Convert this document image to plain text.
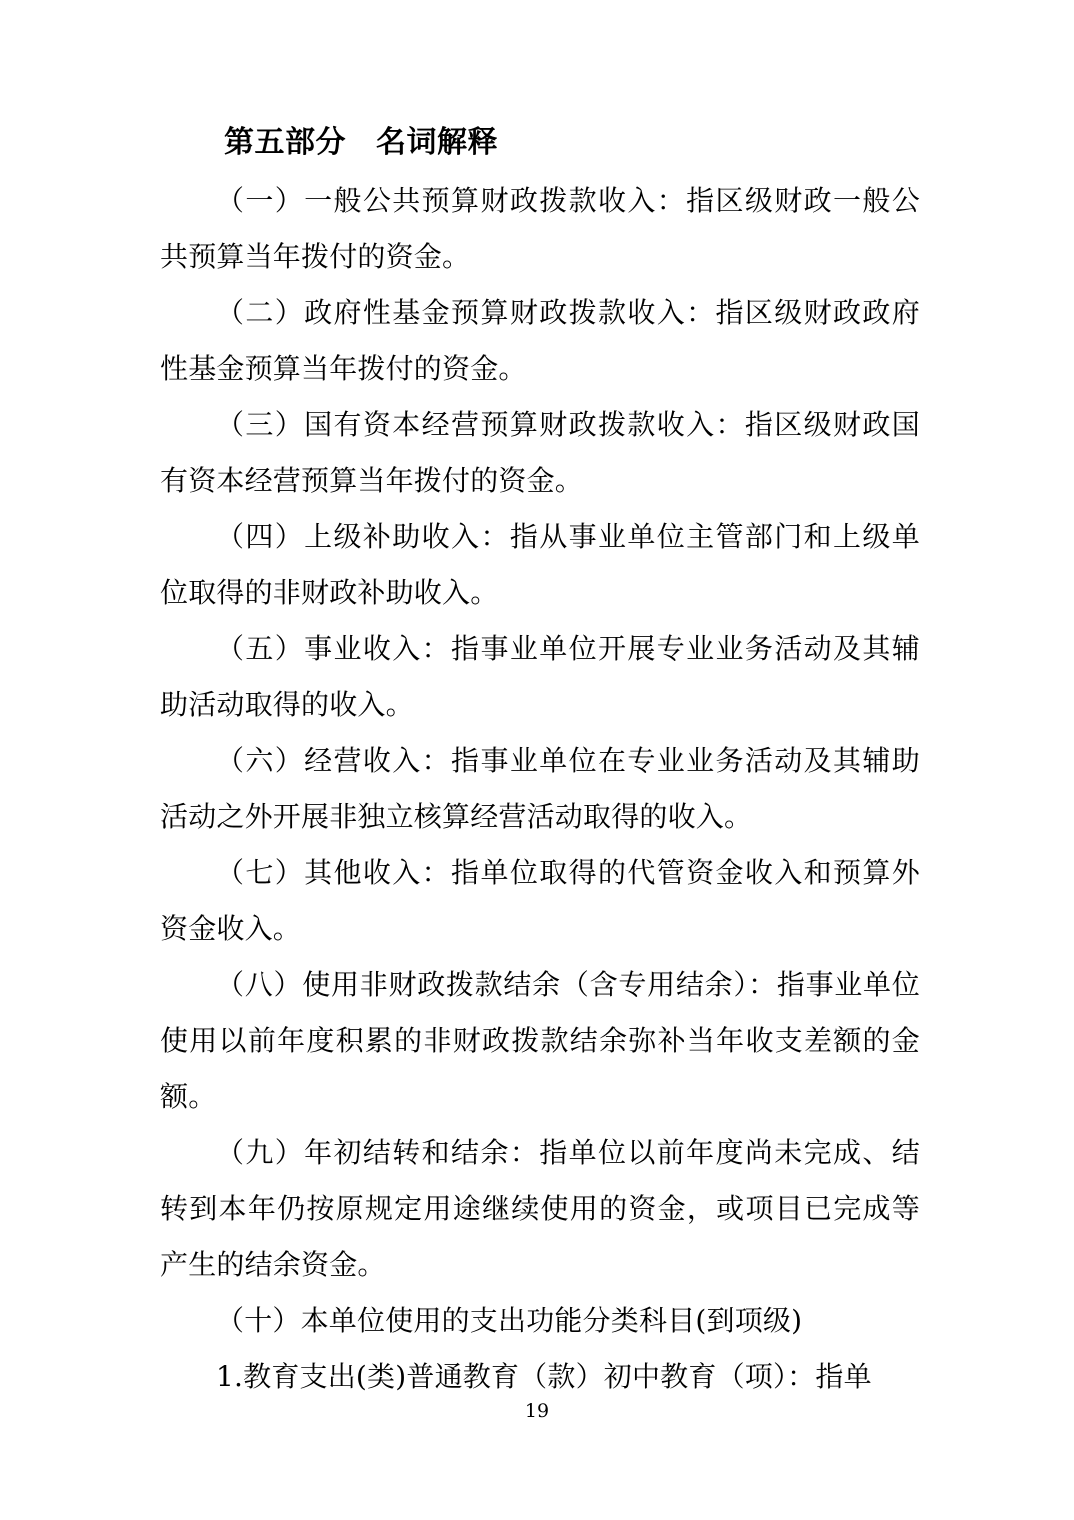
第五部分 名词解释

（一）一般公共预算财政拨款收入：指区级财政一般公共预算当年拨付的资金。

（二）政府性基金预算财政拨款收入：指区级财政政府性基金预算当年拨付的资金。

（三）国有资本经营预算财政拨款收入：指区级财政国有资本经营预算当年拨付的资金。

（四）上级补助收入：指从事业单位主管部门和上级单位取得的非财政补助收入。

（五）事业收入：指事业单位开展专业业务活动及其辅助活动取得的收入。

（六）经营收入：指事业单位在专业业务活动及其辅助活动之外开展非独立核算经营活动取得的收入。

（七）其他收入：指单位取得的代管资金收入和预算外资金收入。

（八）使用非财政拨款结余（含专用结余）：指事业单位使用以前年度积累的非财政拨款结余弥补当年收支差额的金额。

（九）年初结转和结余：指单位以前年度尚未完成、结转到本年仍按原规定用途继续使用的资金，或项目已完成等产生的结余资金。

（十）本单位使用的支出功能分类科目(到项级)

1.教育支出(类)普通教育（款）初中教育（项）：指单

19
